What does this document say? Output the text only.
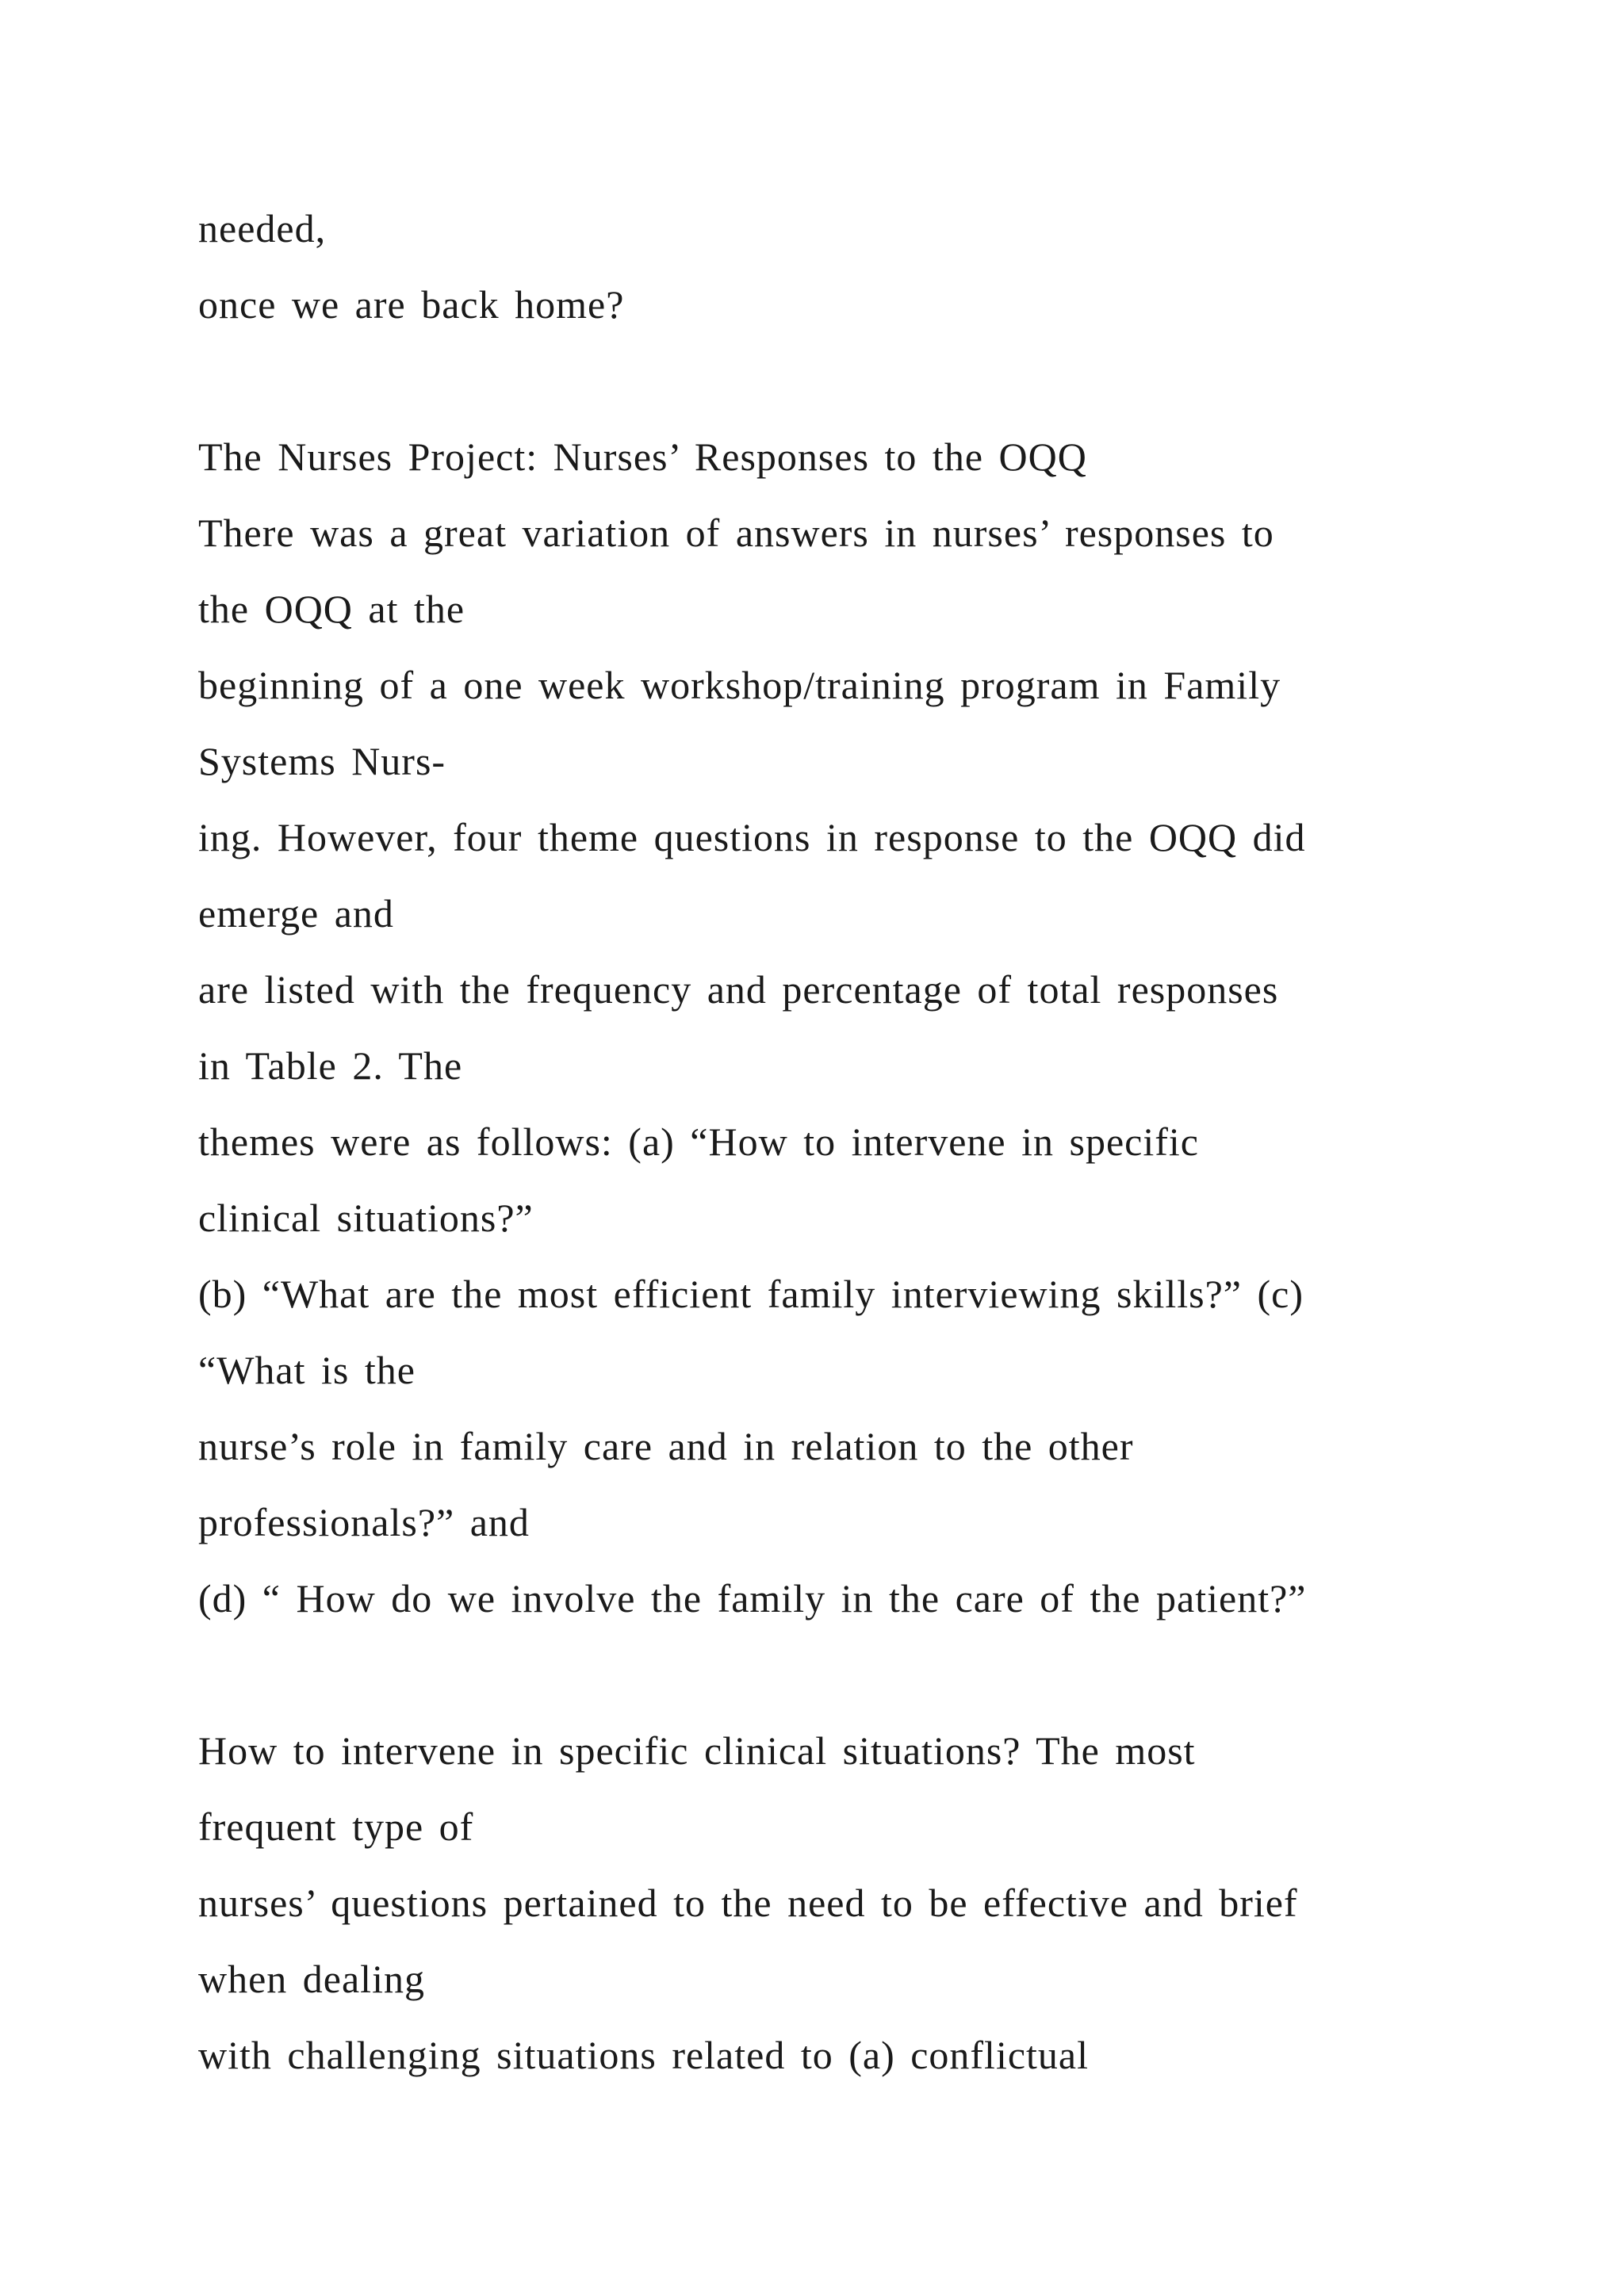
needed,
once we are back home?
The Nurses Project: Nurses’ Responses to the OQQ
There was a great variation of answers in nurses’ responses to
the OQQ at the
beginning of a one week workshop/training program in Family
Systems Nurs-
ing. However, four theme questions in response to the OQQ did
emerge and
are listed with the frequency and percentage of total responses
in Table 2. The
themes were as follows: (a) “How to intervene in specific
clinical situations?”
(b) “What are the most efficient family interviewing skills?” (c)
“What is the
nurse’s role in family care and in relation to the other
professionals?” and
(d) “ How do we involve the family in the care of the patient?”
How to intervene in specific clinical situations? The most
frequent type of
nurses’ questions pertained to the need to be effective and brief
when dealing
with challenging situations related to (a) conflictual
